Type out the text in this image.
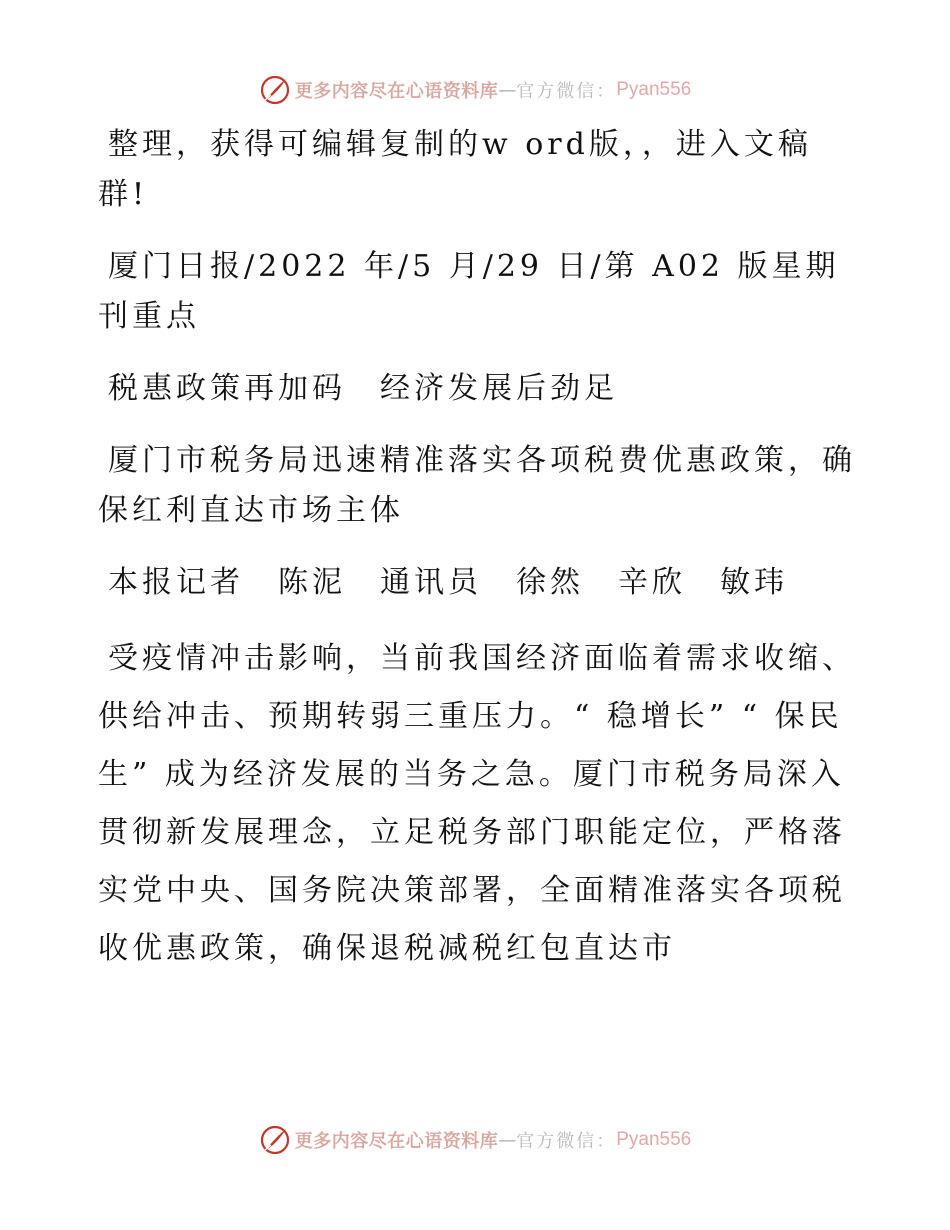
更多内容尽在心语资料库 — 官方微信： Pyan556

整理，获得可编辑复制的w ord版，，进入文稿群!

厦门日报/2022 年/5 月/29 日/第 A02 版星期刊重点

税惠政策再加码　经济发展后劲足

厦门市税务局迅速精准落实各项税费优惠政策，确保红利直达市场主体

本报记者　陈泥　通讯员　徐然　辛欣　敏玮

受疫情冲击影响，当前我国经济面临着需求收缩、供给冲击、预期转弱三重压力。“ 稳增长” “ 保民生” 成为经济发展的当务之急。厦门市税务局深入贯彻新发展理念，立足税务部门职能定位，严格落实党中央、国务院决策部署，全面精准落实各项税收优惠政策，确保退税减税红包直达市

更多内容尽在心语资料库 — 官方微信： Pyan556
